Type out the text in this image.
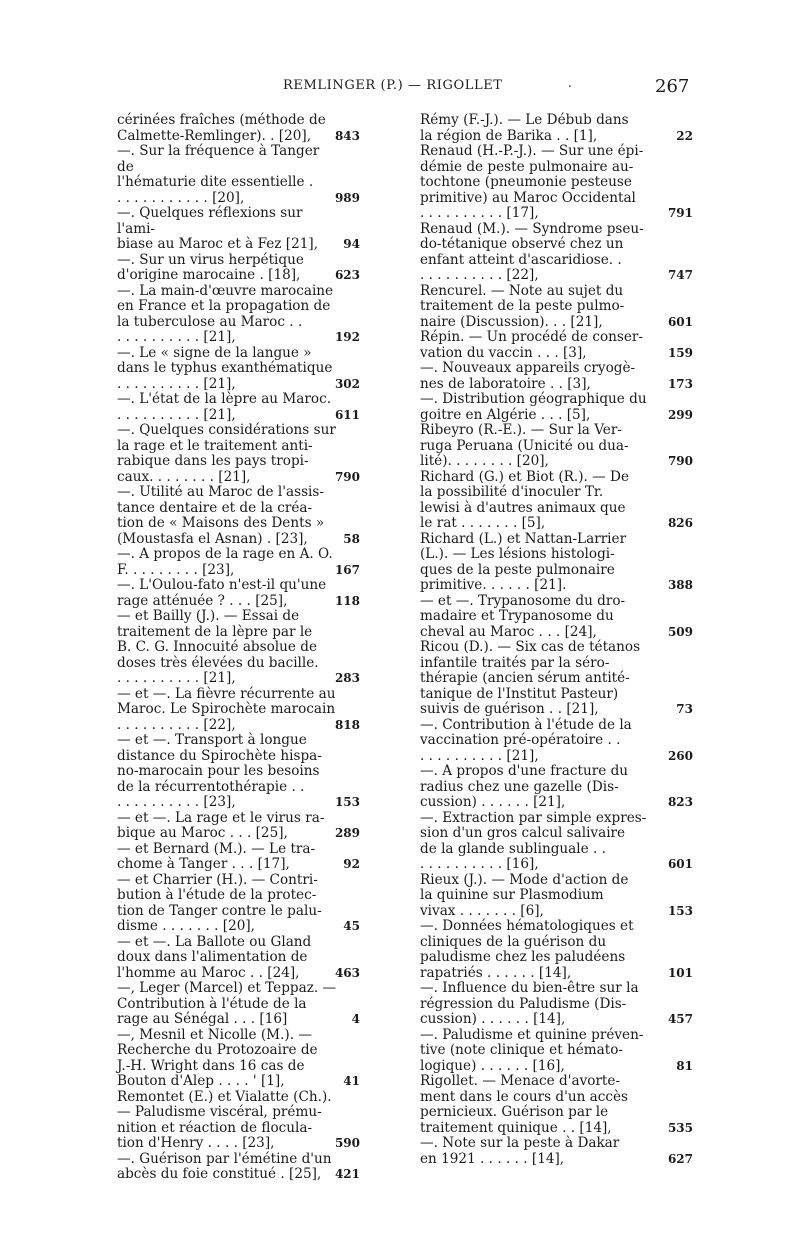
REMLINGER (P.) — RIGOLLET	.	267
cérinées fraîches (méthode de
Calmette-Remlinger). . [20],	843
—. Sur la fréquence à Tanger de
l'hématurie dite essentielle .
. . . . . . . . . . . [20],	989
—. Quelques réflexions sur l'ami-
biase au Maroc et à Fez [21],	94
—. Sur un virus herpétique
d'origine marocaine . [18],	623
—. La main-d'œuvre marocaine
en France et la propagation de
la tuberculose au Maroc . .
. . . . . . . . . . [21],	192
—. Le « signe de la langue »
dans le typhus exanthématique
. . . . . . . . . . [21],	302
—. L'état de la lèpre au Maroc.
. . . . . . . . . . [21],	611
—. Quelques considérations sur
la rage et le traitement anti-
rabique dans les pays tropi-
caux. . . . . . . . [21],	790
—. Utilité au Maroc de l'assis-
tance dentaire et de la créa-
tion de « Maisons des Dents »
(Moustasfa el Asnan) . [23],	58
—. A propos de la rage en A. O.
F. . . . . . . . . [23],	167
—. L'Oulou-fato n'est-il qu'une
rage atténuée ? . . . [25],	118
— et Bailly (J.). — Essai de
traitement de la lèpre par le
B. C. G. Innocuité absolue de
doses très élevées du bacille.
. . . . . . . . . . [21],	283
— et —. La fièvre récurrente au
Maroc. Le Spirochète marocain
. . . . . . . . . . [22],	818
— et —. Transport à longue
distance du Spirochète hispa-
no-marocain pour les besoins
de la récurrentothérapie . .
. . . . . . . . . . [23],	153
— et —. La rage et le virus ra-
bique au Maroc . . . [25],	289
— et Bernard (M.). — Le tra-
chome à Tanger . . . [17],	92
— et Charrier (H.). — Contri-
bution à l'étude de la protec-
tion de Tanger contre le palu-
disme . . . . . . . [20],	45
— et —. La Ballote ou Gland
doux dans l'alimentation de
l'homme au Maroc . . [24],	463
—, Leger (Marcel) et Teppaz. —
Contribution à l'étude de la
rage au Sénégal . . . [16]	4
—, Mesnil et Nicolle (M.). —
Recherche du Protozoaire de
J.-H. Wright dans 16 cas de
Bouton d'Alep . . . . ' [1],	41
Remontet (E.) et Vialatte (Ch.).
— Paludisme viscéral, prému-
nition et réaction de flocula-
tion d'Henry . . . . [23],	590
—. Guérison par l'émétine d'un
abcès du foie constitué . [25],	421
Rémy (F.-J.). — Le Débub dans
la région de Barika . . [1],	22
Renaud (H.-P.-J.). — Sur une épi-
démie de peste pulmonaire au-
tochtone (pneumonie pesteuse
primitive) au Maroc Occidental
. . . . . . . . . . [17],	791
Renaud (M.). — Syndrome pseu-
do-tétanique observé chez un
enfant atteint d'ascaridiose. .
. . . . . . . . . . [22],	747
Rencurel. — Note au sujet du
traitement de la peste pulmo-
naire (Discussion). . . [21],	601
Répin. — Un procédé de conser-
vation du vaccin . . . [3],	159
—. Nouveaux appareils cryogè-
nes de laboratoire . . [3],	173
—. Distribution géographique du
goitre en Algérie . . . [5],	299
Ribeyro (R.-E.). — Sur la Ver-
ruga Peruana (Unicité ou dua-
lité). . . . . . . . [20],	790
Richard (G.) et Biot (R.). — De
la possibilité d'inoculer Tr.
lewisi à d'autres animaux que
le rat . . . . . . . [5],	826
Richard (L.) et Nattan-Larrier
(L.). — Les lésions histologi-
ques de la peste pulmonaire
primitive. . . . . . [21].	388
— et —. Trypanosome du dro-
madaire et Trypanosome du
cheval au Maroc . . . [24],	509
Ricou (D.). — Six cas de tétanos
infantile traités par la séro-
thérapie (ancien sérum antité-
tanique de l'Institut Pasteur)
suivis de guérison . . [21],	73
—. Contribution à l'étude de la
vaccination pré-opératoire . .
. . . . . . . . . . [21],	260
—. A propos d'une fracture du
radius chez une gazelle (Dis-
cussion) . . . . . . [21],	823
—. Extraction par simple expres-
sion d'un gros calcul salivaire
de la glande sublinguale . .
. . . . . . . . . . [16],	601
Rieux (J.). — Mode d'action de
la quinine sur Plasmodium
vivax . . . . . . . [6],	153
—. Données hématologiques et
cliniques de la guérison du
paludisme chez les paludéens
rapatriés . . . . . . [14],	101
—. Influence du bien-être sur la
régression du Paludisme (Dis-
cussion) . . . . . . [14],	457
—. Paludisme et quinine préven-
tive (note clinique et hémato-
logique) . . . . . . [16],	81
Rigollet. — Menace d'avorte-
ment dans le cours d'un accès
pernicieux. Guérison par le
traitement quinique . . [14],	535
—. Note sur la peste à Dakar
en 1921 . . . . . . [14],	627
